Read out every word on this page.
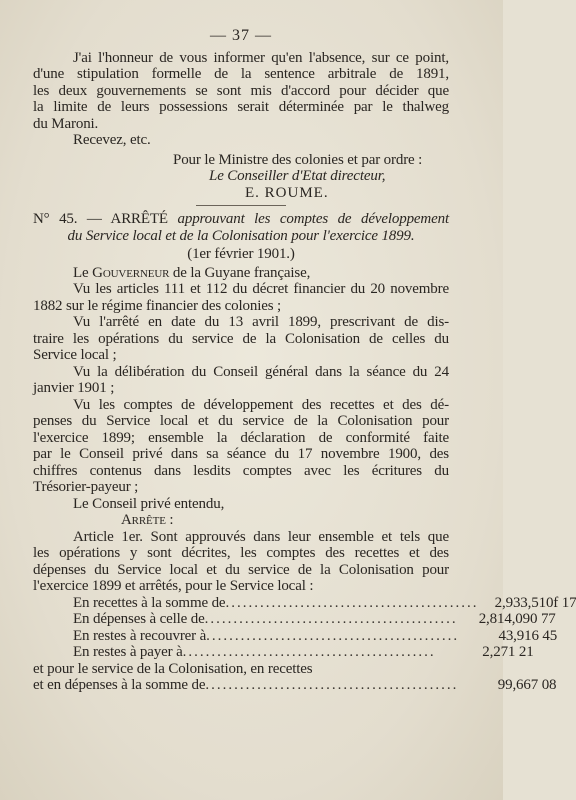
— 37 —
J'ai l'honneur de vous informer qu'en l'absence, sur ce point,
d'une stipulation formelle de la sentence arbitrale de 1891,
les deux gouvernements se sont mis d'accord pour décider que
la limite de leurs possessions serait déterminée par le thalweg
du Maroni.
Recevez, etc.
Pour le Ministre des colonies et par ordre :
Le Conseiller d'Etat directeur,
E. ROUME.
N° 45. — ARRÊTÉ approuvant les comptes de développement
du Service local et de la Colonisation pour l'exercice 1899.
(1er février 1901.)
Le Gouverneur de la Guyane française,
Vu les articles 111 et 112 du décret financier du 20 novembre
1882 sur le régime financier des colonies ;
Vu l'arrêté en date du 13 avril 1899, prescrivant de dis-
traire les opérations du service de la Colonisation de celles du
Service local ;
Vu la délibération du Conseil général dans la séance du 24
janvier 1901 ;
Vu les comptes de développement des recettes et des dé-
penses du Service local et du service de la Colonisation pour
l'exercice 1899; ensemble la déclaration de conformité faite
par le Conseil privé dans sa séance du 17 novembre 1900, des
chiffres contenus dans lesdits comptes avec les écritures du
Trésorier-payeur ;
Le Conseil privé entendu,
Arrête :
Article 1er. Sont approuvés dans leur ensemble et tels que
les opérations y sont décrites, les comptes des recettes et des
dépenses du Service local et du service de la Colonisation pour
l'exercice 1899 et arrêtés, pour le Service local :
En recettes à la somme de ............................................	2,933,510f 17
En dépenses à celle de ............................................	2,814,090 77
En restes à recouvrer à ............................................	43,916 45
En restes à payer à ............................................	2,271 21
et pour le service de la Colonisation, en recettes
et en dépenses à la somme de ............................................	99,667 08
